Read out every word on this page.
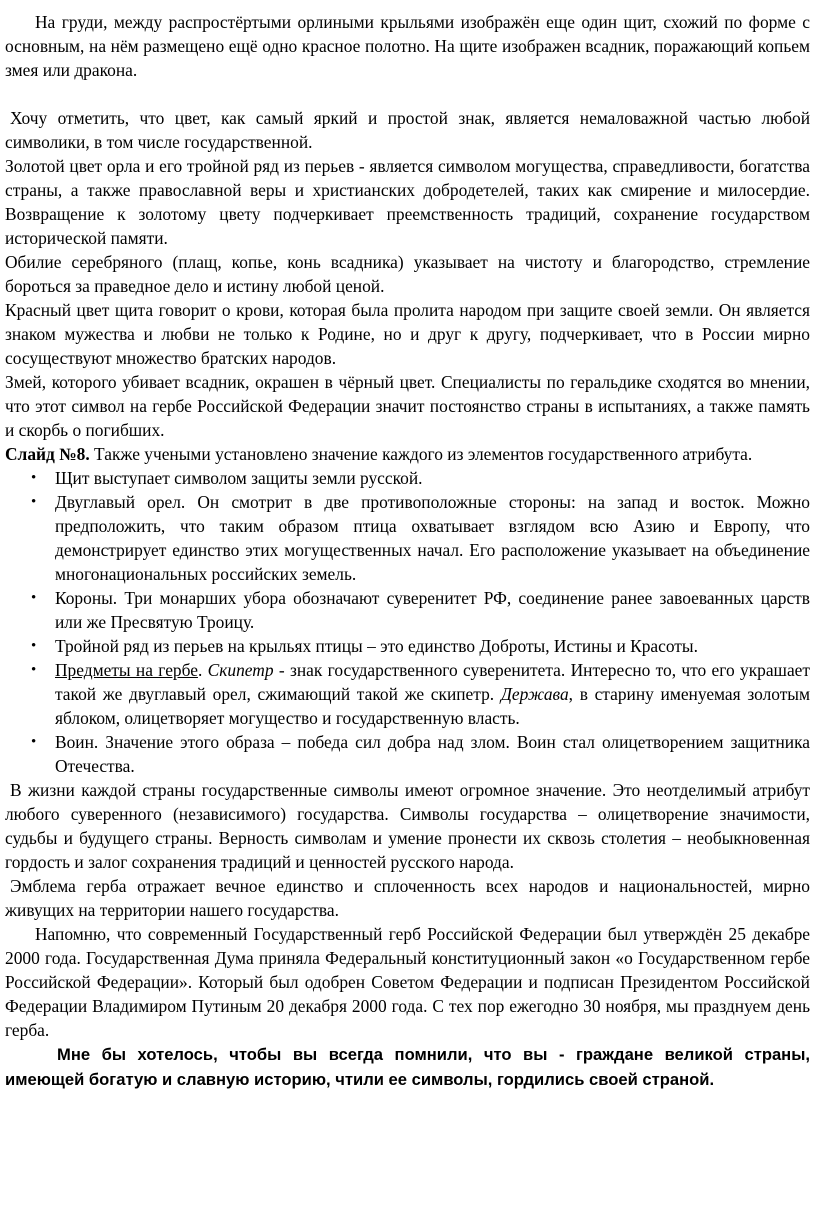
На груди, между распростёртыми орлиными крыльями изображён еще один щит, схожий по форме с основным, на нём размещено ещё одно красное полотно. На щите изображен всадник, поражающий копьем змея или дракона.

Хочу отметить, что цвет, как самый яркий и простой знак, является немаловажной частью любой символики, в том числе государственной.

Золотой цвет орла и его тройной ряд из перьев - является символом могущества, справедливости, богатства страны, а также православной веры и христианских добродетелей, таких как смирение и милосердие. Возвращение к золотому цвету подчеркивает преемственность традиций, сохранение государством исторической памяти.

Обилие серебряного (плащ, копье, конь всадника) указывает на чистоту и благородство, стремление бороться за праведное дело и истину любой ценой.

Красный цвет щита говорит о крови, которая была пролита народом при защите своей земли. Он является знаком мужества и любви не только к Родине, но и друг к другу, подчеркивает, что в России мирно сосуществуют множество братских народов.

Змей, которого убивает всадник, окрашен в чёрный цвет. Специалисты по геральдике сходятся во мнении, что этот символ на гербе Российской Федерации значит постоянство страны в испытаниях, а также память и скорбь о погибших.

Слайд №8. Также учеными установлено значение каждого из элементов государственного атрибута.

• Щит выступает символом защиты земли русской.
• Двуглавый орел. Он смотрит в две противоположные стороны: на запад и восток. Можно предположить, что таким образом птица охватывает взглядом всю Азию и Европу, что демонстрирует единство этих могущественных начал. Его расположение указывает на объединение многонациональных российских земель.
• Короны. Три монарших убора обозначают суверенитет РФ, соединение ранее завоеванных царств или же Пресвятую Троицу.
• Тройной ряд из перьев на крыльях птицы – это единство Доброты, Истины и Красоты.
• Предметы на гербе. Скипетр - знак государственного суверенитета. Интересно то, что его украшает такой же двуглавый орел, сжимающий такой же скипетр. Держава, в старину именуемая золотым яблоком, олицетворяет могущество и государственную власть.
• Воин. Значение этого образа – победа сил добра над злом. Воин стал олицетворением защитника Отечества.

В жизни каждой страны государственные символы имеют огромное значение. Это неотделимый атрибут любого суверенного (независимого) государства. Символы государства – олицетворение значимости, судьбы и будущего страны. Верность символам и умение пронести их сквозь столетия – необыкновенная гордость и залог сохранения традиций и ценностей русского народа.

Эмблема герба отражает вечное единство и сплоченность всех народов и национальностей, мирно живущих на территории нашего государства.

Напомню, что современный Государственный герб Российской Федерации был утверждён 25 декабре 2000 года. Государственная Дума приняла Федеральный конституционный закон «о Государственном гербе Российской Федерации». Который был одобрен Советом Федерации и подписан Президентом Российской Федерации Владимиром Путиным 20 декабря 2000 года. С тех пор ежегодно 30 ноября, мы празднуем день герба.

Мне бы хотелось, чтобы вы всегда помнили, что вы - граждане великой страны, имеющей богатую и славную историю, чтили ее символы, гордились своей страной.
